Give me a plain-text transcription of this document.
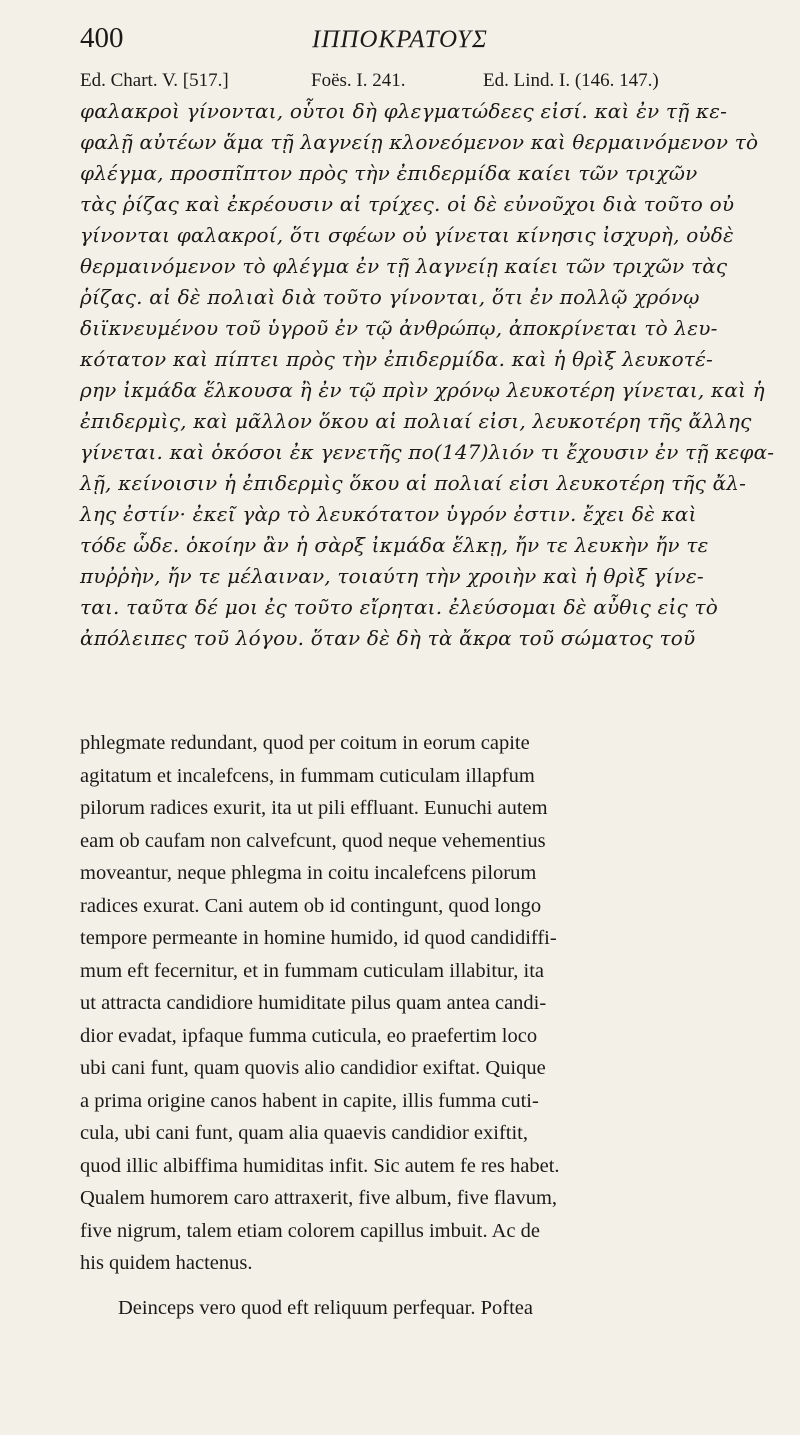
400	ΙΠΠΟΚΡΑΤΟΥΣ
Ed. Chart. V. [517.]	Foës. I. 241.	Ed. Lind. I. (146. 147.)
φαλακροὶ γίνονται, οὗτοι δὴ φλεγματώδεες εἰσί. καὶ ἐν τῇ κε-
φαλῇ αὐτέων ἅμα τῇ λαγνείῃ κλονεόμενον καὶ θερμαινόμενον τὸ
φλέγμα, προσπῖπτον πρὸς τὴν ἐπιδερμίδα καίει τῶν τριχῶν
τὰς ῥίζας καὶ ἐκρέουσιν αἱ τρίχες. οἱ δὲ εὐνοῦχοι διὰ τοῦτο οὐ
γίνονται φαλακροί, ὅτι σφέων οὐ γίνεται κίνησις ἰσχυρὴ, οὐδὲ
θερμαινόμενον τὸ φλέγμα ἐν τῇ λαγνείῃ καίει τῶν τριχῶν τὰς
ῥίζας. αἱ δὲ πολιαὶ διὰ τοῦτο γίνονται, ὅτι ἐν πολλῷ χρόνῳ
διϊκνευμένου τοῦ ὑγροῦ ἐν τῷ ἀνθρώπῳ, ἀποκρίνεται τὸ λευ-
κότατον καὶ πίπτει πρὸς τὴν ἐπιδερμίδα. καὶ ἡ θρὶξ λευκοτέ-
ρην ἰκμάδα ἕλκουσα ἢ ἐν τῷ πρὶν χρόνῳ λευκοτέρη γίνεται, καὶ ἡ
ἐπιδερμὶς, καὶ μᾶλλον ὅκου αἱ πολιαί εἰσι, λευκοτέρη τῆς ἄλλης
γίνεται. καὶ ὁκόσοι ἐκ γενετῆς πο(147)λιόν τι ἔχουσιν ἐν τῇ κεφα-
λῇ, κείνοισιν ἡ ἐπιδερμὶς ὅκου αἱ πολιαί εἰσι λευκοτέρη τῆς ἄλ-
λης ἐστίν· ἐκεῖ γὰρ τὸ λευκότατον ὑγρόν ἐστιν. ἔχει δὲ καὶ
τόδε ὧδε. ὁκοίην ἂν ἡ σὰρξ ἰκμάδα ἕλκῃ, ἤν τε λευκὴν ἤν τε
πυῤῥὴν, ἤν τε μέλαιναν, τοιαύτη τὴν χροιὴν καὶ ἡ θρὶξ γίνε-
ται. ταῦτα δέ μοι ἐς τοῦτο εἴρηται. ἐλεύσομαι δὲ αὖθις εἰς τὸ
ἀπόλειπες τοῦ λόγου. ὅταν δὲ δὴ τὰ ἄκρα τοῦ σώματος τοῦ
phlegmate redundant, quod per coitum in eorum capite
agitatum et incalefcens, in fummam cuticulam illapfum
pilorum radices exurit, ita ut pili effluant. Eunuchi autem
eam ob caufam non calvefcunt, quod neque vehementius
moveantur, neque phlegma in coitu incalefcens pilorum
radices exurat. Cani autem ob id contingunt, quod longo
tempore permeante in homine humido, id quod candidiffi-
mum eft fecernitur, et in fummam cuticulam illabitur, ita
ut attracta candidiore humiditate pilus quam antea candi-
dior evadat, ipfaque fumma cuticula, eo praefertim loco
ubi cani funt, quam quovis alio candidior exiftat. Quique
a prima origine canos habent in capite, illis fumma cuti-
cula, ubi cani funt, quam alia quaevis candidior exiftit,
quod illic albiffima humiditas infit. Sic autem fe res habet.
Qualem humorem caro attraxerit, five album, five flavum,
five nigrum, talem etiam colorem capillus imbuit. Ac de
his quidem hactenus.
Deinceps vero quod eft reliquum perfequar. Poftea
